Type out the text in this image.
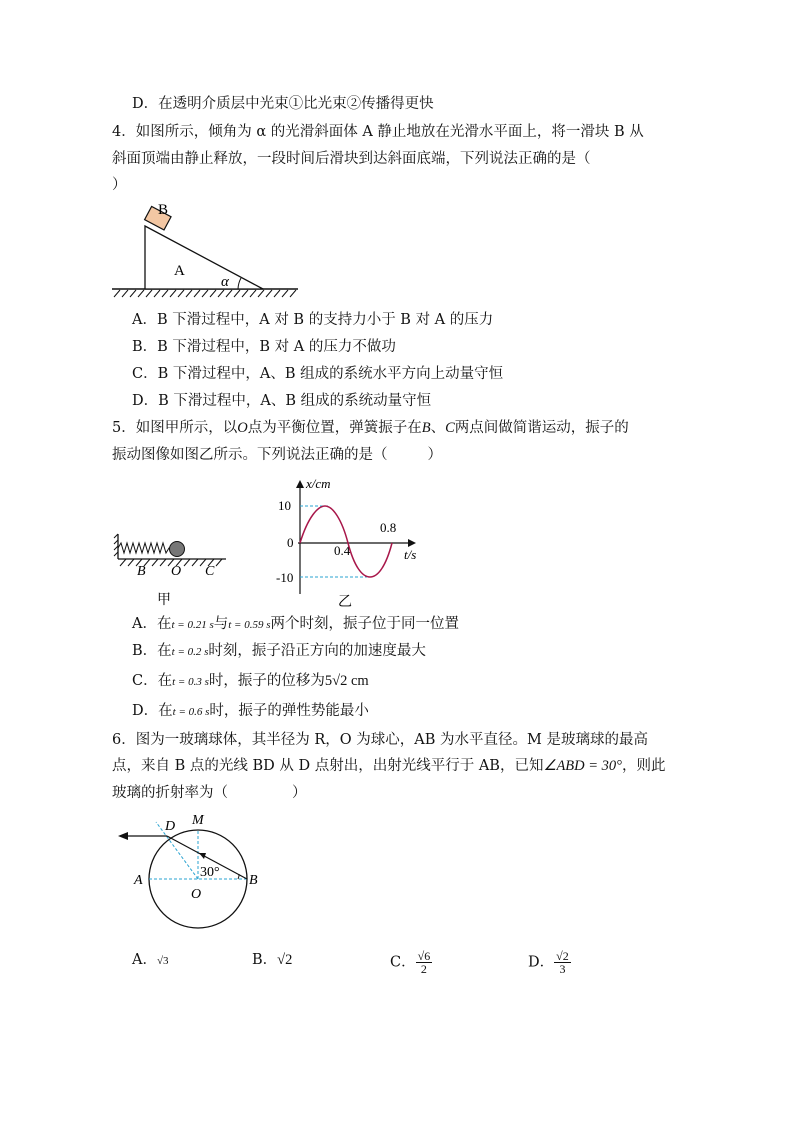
D．在透明介质层中光束①比光束②传播得更快
4．如图所示，倾角为 α 的光滑斜面体 A 静止地放在光滑水平面上，将一滑块 B 从
斜面顶端由静止释放，一段时间后滑块到达斜面底端，下列说法正确的是（
）
B
A
α
A．B 下滑过程中，A 对 B 的支持力小于 B 对 A 的压力
B．B 下滑过程中，B 对 A 的压力不做功
C．B 下滑过程中，A、B 组成的系统水平方向上动量守恒
D．B 下滑过程中，A、B 组成的系统动量守恒
5．如图甲所示，以O点为平衡位置，弹簧振子在B、C两点间做简谐运动，振子的
振动图像如图乙所示。下列说法正确的是（	）
B O C
甲
x/cm
t/s
10
0
-10
0.4
0.8
乙
A．在t = 0.21 s与t = 0.59 s两个时刻，振子位于同一位置
B．在t = 0.2 s时刻，振子沿正方向的加速度最大
C．在t = 0.3 s时，振子的位移为5√2 cm
D．在t = 0.6 s时，振子的弹性势能最小
6．图为一玻璃球体，其半径为 R，O 为球心，AB 为水平直径。M 是玻璃球的最高
点，来自 B 点的光线 BD 从 D 点射出，出射光线平行于 AB，已知∠ABD = 30°，则此
玻璃的折射率为（	）
D M
A
O
B
30°
A．√3	B．√2	C． $\frac{√6}{2}$	D． $\frac{√2}{3}$
